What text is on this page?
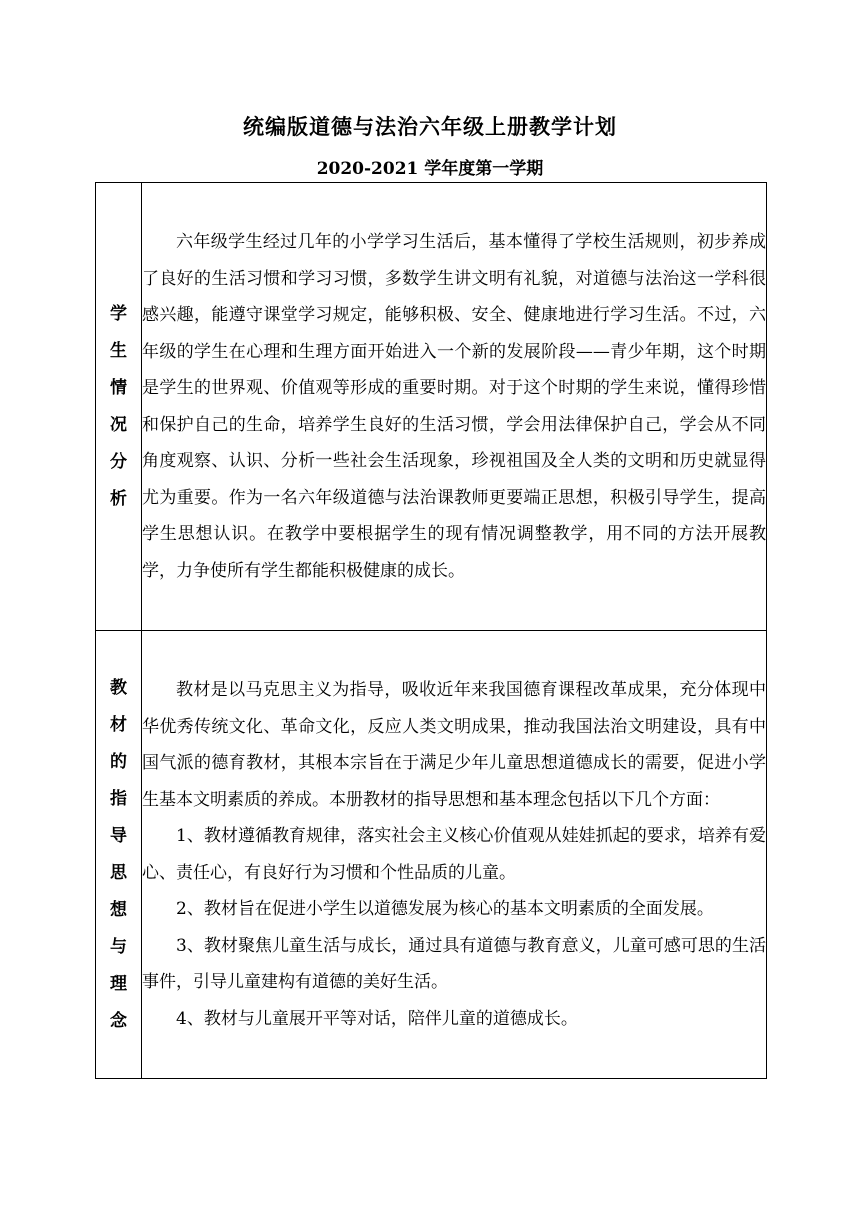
统编版道德与法治六年级上册教学计划
2020-2021 学年度第一学期
学生情况分析	六年级学生经过几年的小学学习生活后，基本懂得了学校生活规则，初步养成了良好的生活习惯和学习习惯，多数学生讲文明有礼貌，对道德与法治这一学科很感兴趣，能遵守课堂学习规定，能够积极、安全、健康地进行学习生活。不过，六年级的学生在心理和生理方面开始进入一个新的发展阶段——青少年期，这个时期是学生的世界观、价值观等形成的重要时期。对于这个时期的学生来说，懂得珍惜和保护自己的生命，培养学生良好的生活习惯，学会用法律保护自己，学会从不同角度观察、认识、分析一些社会生活现象，珍视祖国及全人类的文明和历史就显得尤为重要。作为一名六年级道德与法治课教师更要端正思想，积极引导学生，提高学生思想认识。在教学中要根据学生的现有情况调整教学，用不同的方法开展教学，力争使所有学生都能积极健康的成长。

教材的指导思想与理念	教材是以马克思主义为指导，吸收近年来我国德育课程改革成果，充分体现中华优秀传统文化、革命文化，反应人类文明成果，推动我国法治文明建设，具有中国气派的德育教材，其根本宗旨在于满足少年儿童思想道德成长的需要，促进小学生基本文明素质的养成。本册教材的指导思想和基本理念包括以下几个方面：

1、教材遵循教育规律，落实社会主义核心价值观从娃娃抓起的要求，培养有爱心、责任心，有良好行为习惯和个性品质的儿童。

2、教材旨在促进小学生以道德发展为核心的基本文明素质的全面发展。

3、教材聚焦儿童生活与成长，通过具有道德与教育意义，儿童可感可思的生活事件，引导儿童建构有道德的美好生活。

4、教材与儿童展开平等对话，陪伴儿童的道德成长。
